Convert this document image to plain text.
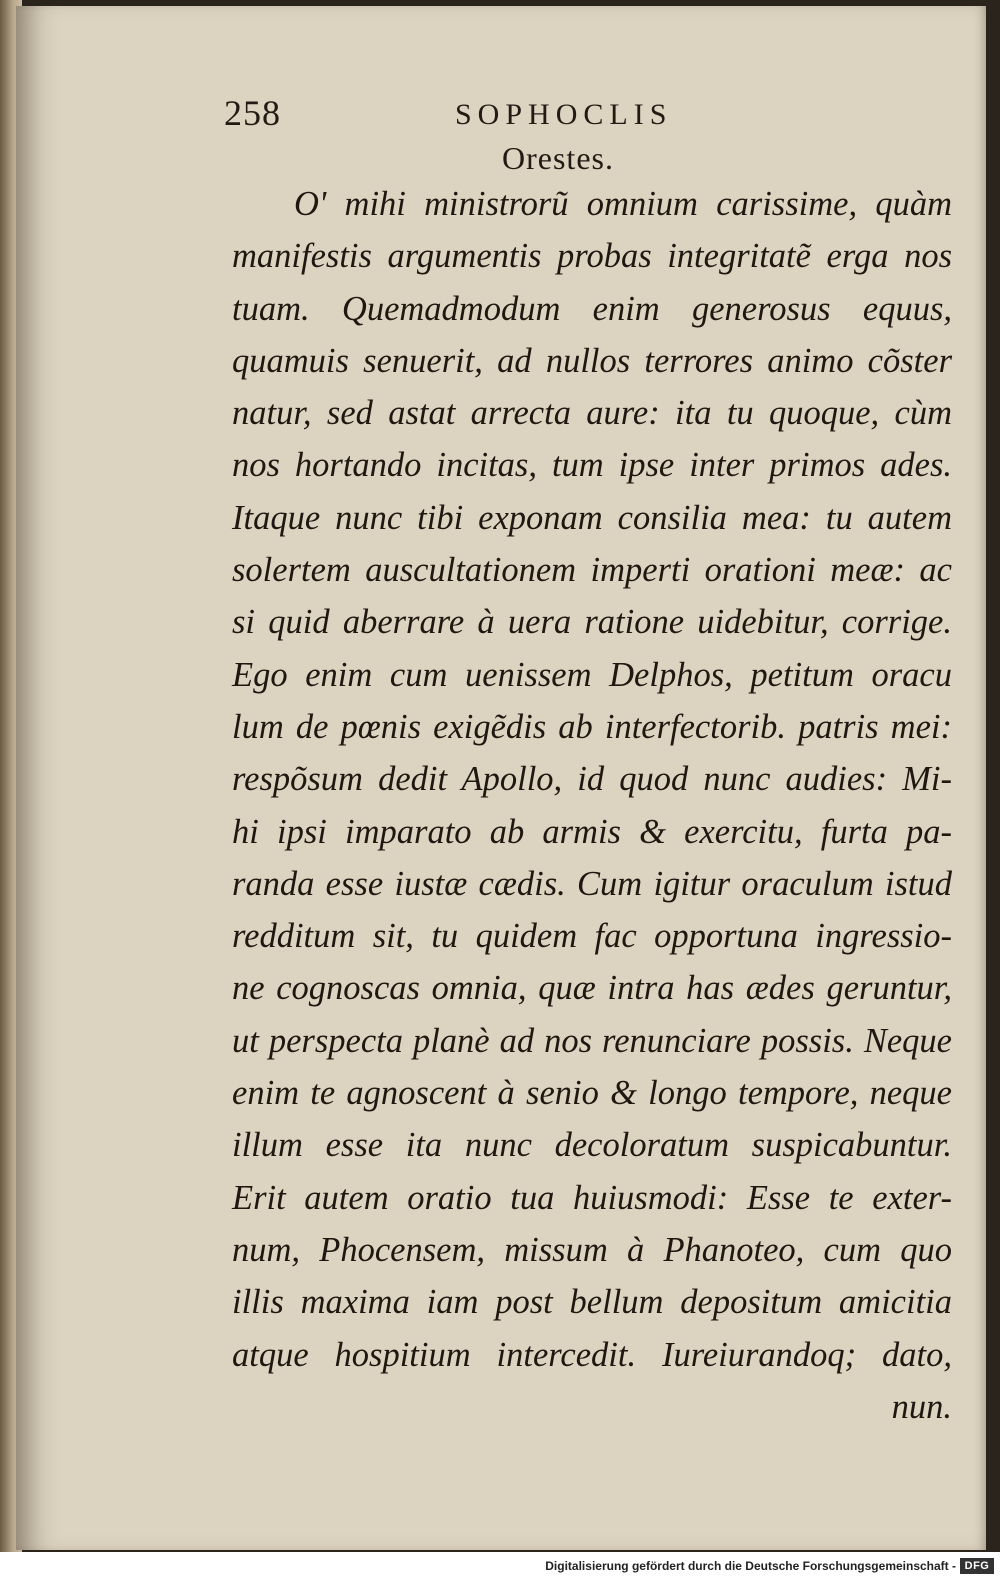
258	SOPHOCLIS
Orestes.
O' mihi ministrorũ omnium carissime, quàm
manifestis argumentis probas integritatẽ erga nos
tuam. Quemadmodum enim generosus equus,
quamuis senuerit, ad nullos terrores animo cõster
natur, sed astat arrecta aure: ita tu quoque, cùm
nos hortando incitas, tum ipse inter primos ades.
Itaque nunc tibi exponam consilia mea: tu autem
solertem auscultationem imperti orationi meæ: ac
si quid aberrare à uera ratione uidebitur, corrige.
Ego enim cum uenissem Delphos, petitum oracu
lum de pœnis exigẽdis ab interfectorib. patris mei:
respõsum dedit Apollo, id quod nunc audies: Mi-
hi ipsi imparato ab armis & exercitu, furta pa-
randa esse iustæ cædis. Cum igitur oraculum istud
redditum sit, tu quidem fac opportuna ingressio-
ne cognoscas omnia, quæ intra has ædes geruntur,
ut perspecta planè ad nos renunciare possis. Neque
enim te agnoscent à senio & longo tempore, neque
illum esse ita nunc decoloratum suspicabuntur.
Erit autem oratio tua huiusmodi: Esse te exter-
num, Phocensem, missum à Phanoteo, cum quo
illis maxima iam post bellum depositum amicitia
atque hospitium intercedit. Iureiurandoq; dato,
nun.
Digitalisierung gefördert durch die Deutsche Forschungsgemeinschaft - DFG
